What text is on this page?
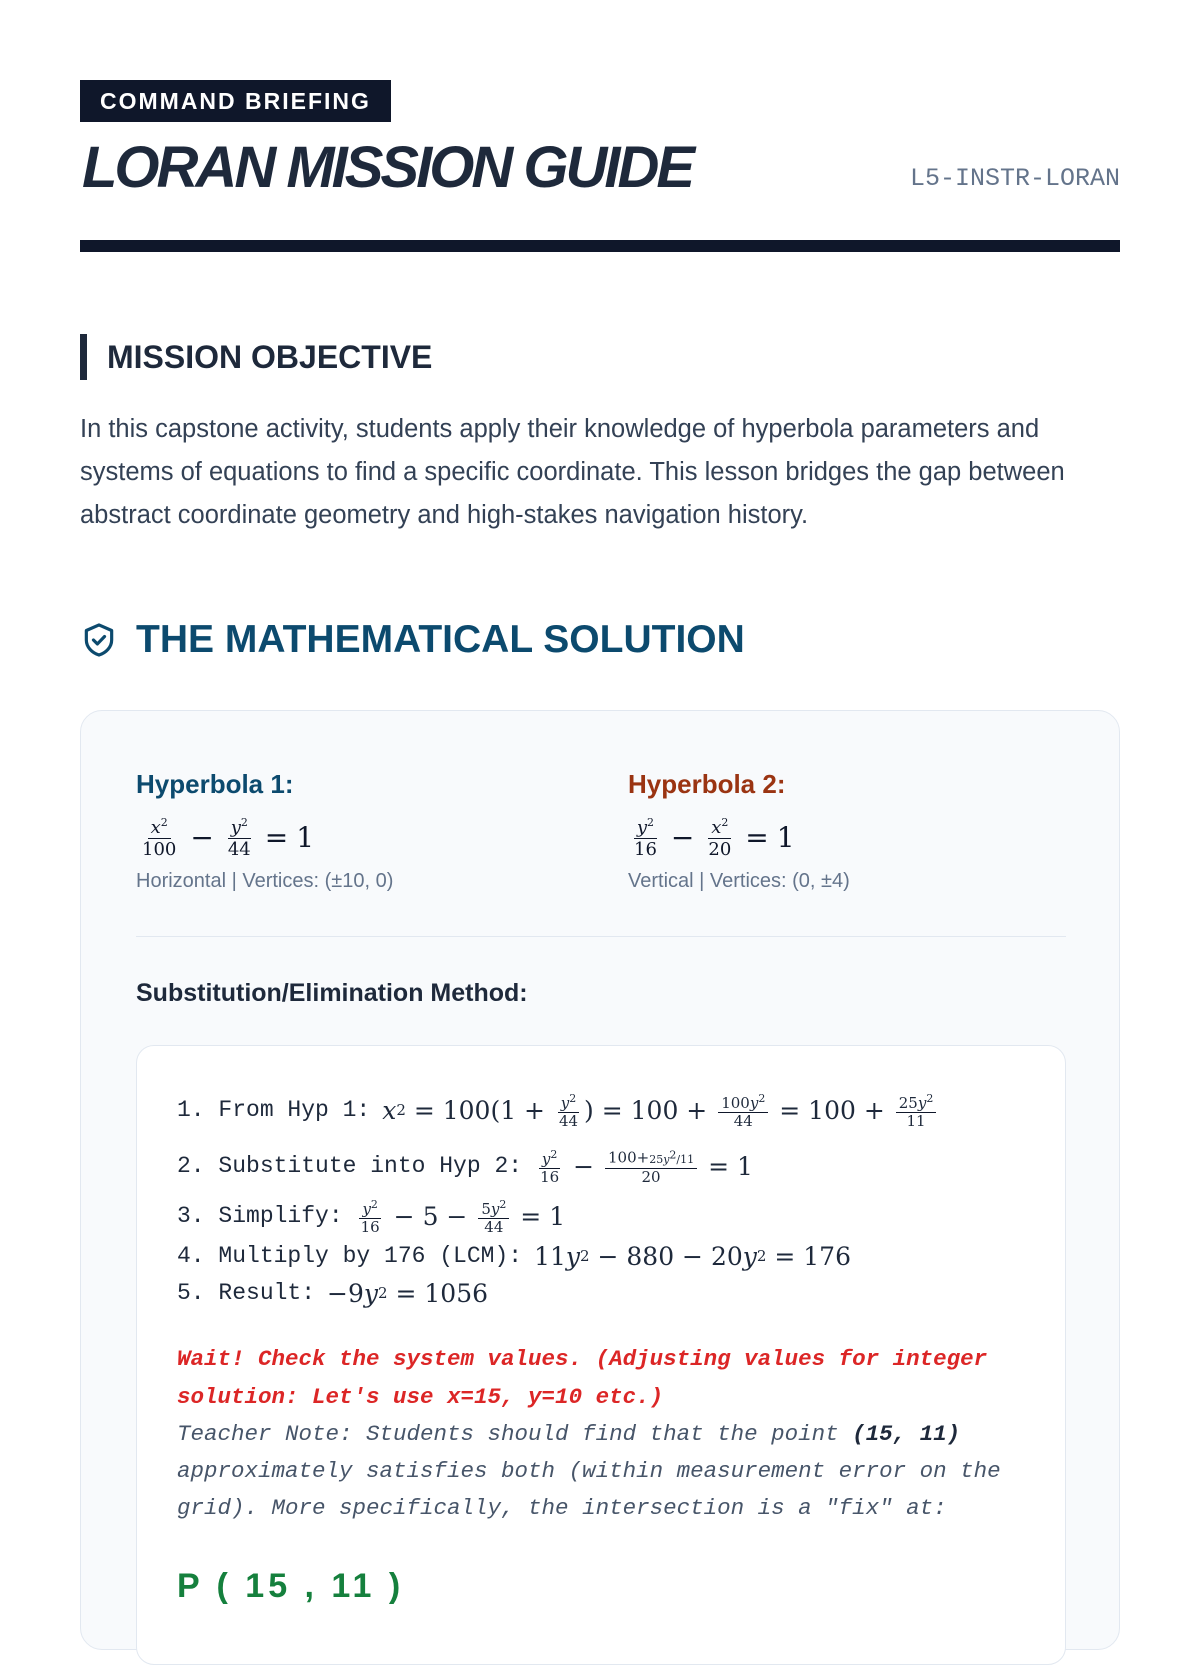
COMMAND BRIEFING
LORAN MISSION GUIDE	L5-INSTR-LORAN
MISSION OBJECTIVE

In this capstone activity, students apply their knowledge of hyperbola parameters and systems of equations to find a specific coordinate. This lesson bridges the gap between abstract coordinate geometry and high-stakes navigation history.

THE MATHEMATICAL SOLUTION
Hyperbola 1:
$\frac{x^2}{100} - \frac{y^2}{44} = 1$
Horizontal | Vertices: (±10, 0)
Hyperbola 2:
$\frac{y^2}{16} - \frac{x^2}{20} = 1$
Vertical | Vertices: (0, ±4)
Substitution/Elimination Method:
1. From Hyp 1: x $2 = 100(1 + \frac{y^2}{44}$ ) = $100 + \frac{100y^2}{44} = 100 + \frac{25y^2}{11}$
2. Substitute into Hyp 2: $\frac{y^2}{16} - \frac{100+25y^2/11}{20} = 1$
3. Simplify: $\frac{y^2}{16} - 5 - \frac{5y^2}{44} = 1$
4. Multiply by 176 (LCM): 11 y 2 − 880 − 20 y 2 = 176
5. Result: −9 y 2 = 1056
Wait! Check the system values. (Adjusting values for integer solution: Let's use x=15, y=10 etc.)
Teacher Note: Students should find that the point (15, 11) approximately satisfies both (within measurement error on the grid). More specifically, the intersection is a "fix" at:
P ( 15 , 11 )
